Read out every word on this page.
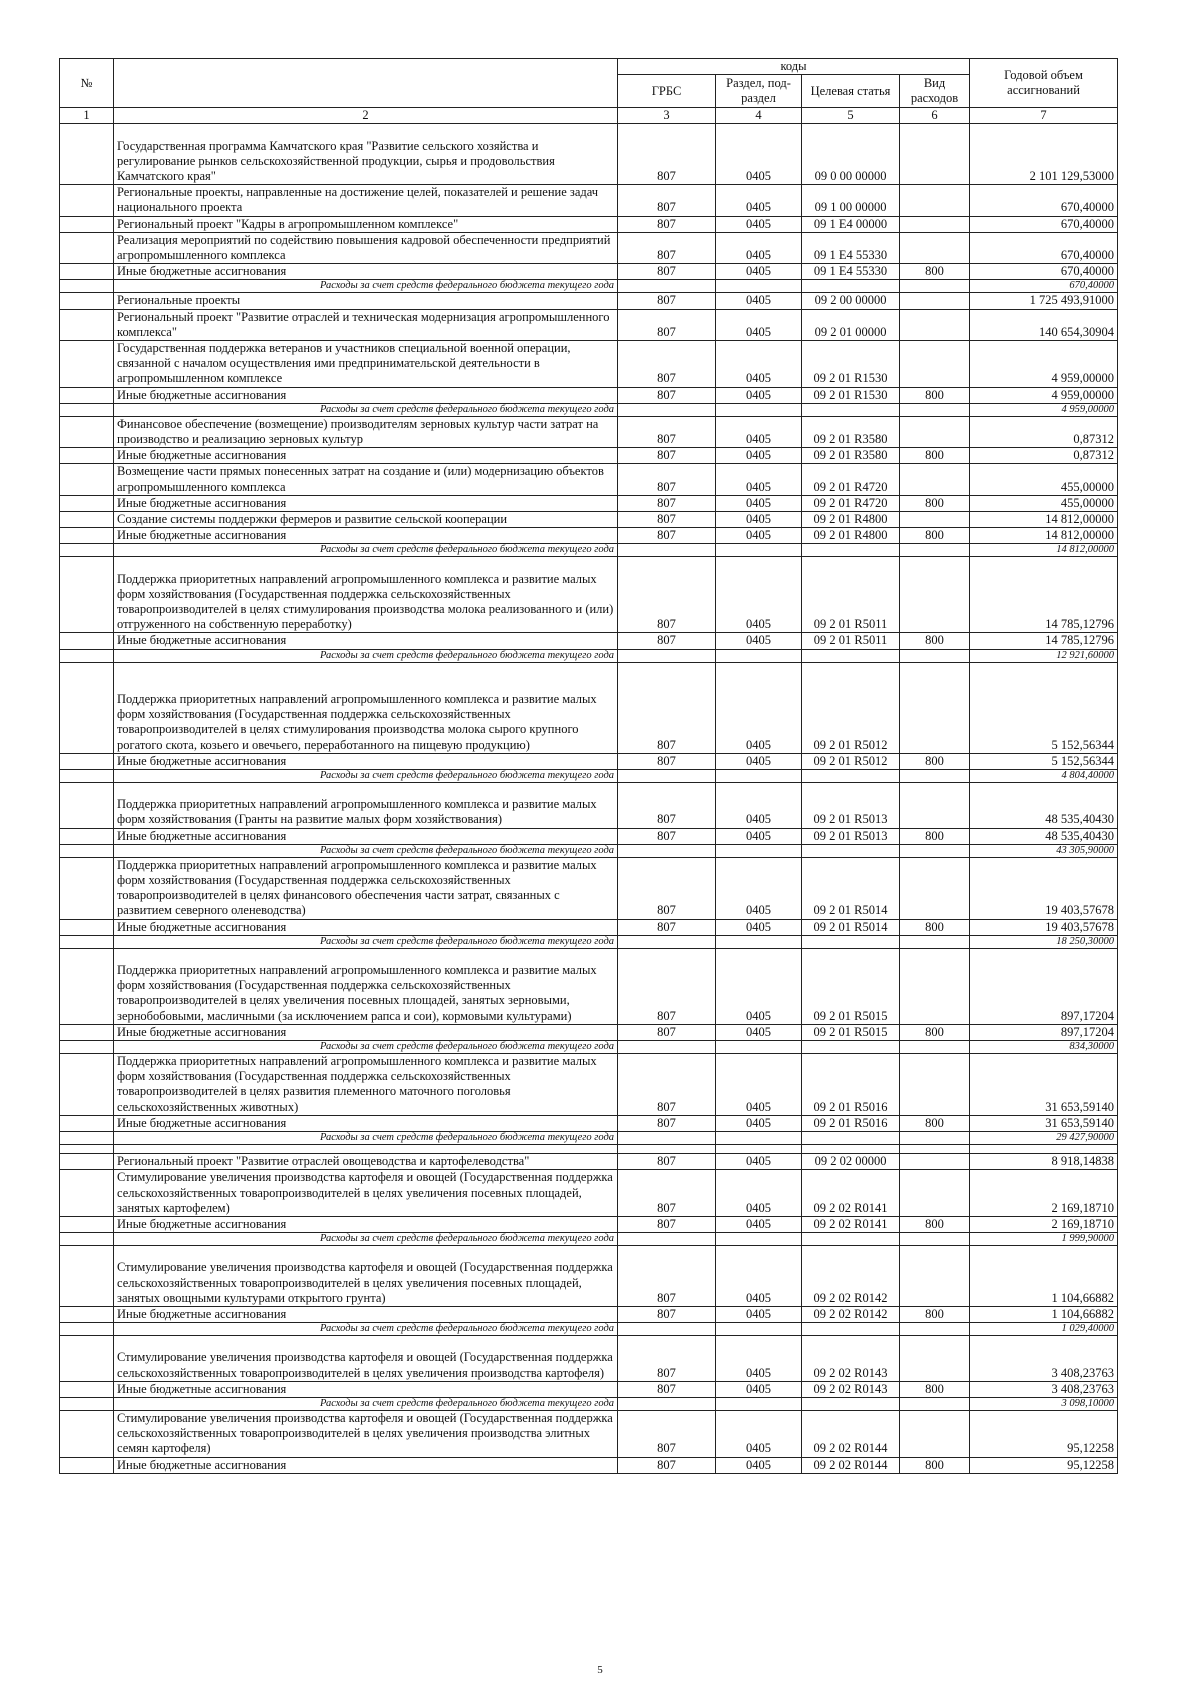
№		коды				Годовой объем ассигнований
		ГРБС	Раздел, под-раздел	Целевая статья	Вид расходов	
1	2	3	4	5	6	7
	Государственная программа Камчатского края "Развитие сельского хозяйства и регулирование рынков сельскохозяйственной продукции, сырья и продовольствия Камчатского края"	807	0405	09 0 00 00000		2 101 129,53000
	Региональные проекты, направленные на достижение целей, показателей и решение задач национального проекта	807	0405	09 1 00 00000		670,40000
	Региональный проект "Кадры в агропромышленном комплексе"	807	0405	09 1 E4 00000		670,40000
	Реализация мероприятий по содействию повышения кадровой обеспеченности предприятий агропромышленного комплекса	807	0405	09 1 E4 55330		670,40000
	Иные бюджетные ассигнования	807	0405	09 1 E4 55330	800	670,40000
	Расходы за счет средств федерального бюджета текущего года					670,40000
	Региональные проекты	807	0405	09 2 00 00000		1 725 493,91000
	Региональный проект "Развитие отраслей и техническая модернизация агропромышленного комплекса"	807	0405	09 2 01 00000		140 654,30904
	Государственная поддержка ветеранов и участников специальной военной операции, связанной с началом осуществления ими предпринимательской деятельности в агропромышленном комплексе	807	0405	09 2 01 R1530		4 959,00000
	Иные бюджетные ассигнования	807	0405	09 2 01 R1530	800	4 959,00000
	Расходы за счет средств федерального бюджета текущего года					4 959,00000
	Финансовое обеспечение (возмещение) производителям зерновых культур части затрат на производство и реализацию зерновых культур	807	0405	09 2 01 R3580		0,87312
	Иные бюджетные ассигнования	807	0405	09 2 01 R3580	800	0,87312
	Возмещение части прямых понесенных затрат на создание и (или) модернизацию объектов агропромышленного комплекса	807	0405	09 2 01 R4720		455,00000
	Иные бюджетные ассигнования	807	0405	09 2 01 R4720	800	455,00000
	Создание системы поддержки фермеров и развитие сельской кооперации	807	0405	09 2 01 R4800		14 812,00000
	Иные бюджетные ассигнования	807	0405	09 2 01 R4800	800	14 812,00000
	Расходы за счет средств федерального бюджета текущего года					14 812,00000
	Поддержка приоритетных направлений агропромышленного комплекса и развитие малых форм хозяйствования (Государственная поддержка сельскохозяйственных товаропроизводителей в целях стимулирования производства молока реализованного и (или) отгруженного на собственную переработку)	807	0405	09 2 01 R5011		14 785,12796
	Иные бюджетные ассигнования	807	0405	09 2 01 R5011	800	14 785,12796
	Расходы за счет средств федерального бюджета текущего года					12 921,60000
	Поддержка приоритетных направлений агропромышленного комплекса и развитие малых форм хозяйствования (Государственная поддержка сельскохозяйственных товаропроизводителей в целях стимулирования производства молока сырого крупного рогатого скота, козьего и овечьего, переработанного на пищевую продукцию)	807	0405	09 2 01 R5012		5 152,56344
	Иные бюджетные ассигнования	807	0405	09 2 01 R5012	800	5 152,56344
	Расходы за счет средств федерального бюджета текущего года					4 804,40000
	Поддержка приоритетных направлений агропромышленного комплекса и развитие малых форм хозяйствования (Гранты на развитие малых форм хозяйствования)	807	0405	09 2 01 R5013		48 535,40430
	Иные бюджетные ассигнования	807	0405	09 2 01 R5013	800	48 535,40430
	Расходы за счет средств федерального бюджета текущего года					43 305,90000
	Поддержка приоритетных направлений агропромышленного комплекса и развитие малых форм хозяйствования (Государственная поддержка сельскохозяйственных товаропроизводителей в целях финансового обеспечения части затрат, связанных с развитием северного оленеводства)	807	0405	09 2 01 R5014		19 403,57678
	Иные бюджетные ассигнования	807	0405	09 2 01 R5014	800	19 403,57678
	Расходы за счет средств федерального бюджета текущего года					18 250,30000
	Поддержка приоритетных направлений агропромышленного комплекса и развитие малых форм хозяйствования (Государственная поддержка сельскохозяйственных товаропроизводителей в целях увеличения посевных площадей, занятых зерновыми, зернобобовыми, масличными (за исключением рапса и сои), кормовыми культурами)	807	0405	09 2 01 R5015		897,17204
	Иные бюджетные ассигнования	807	0405	09 2 01 R5015	800	897,17204
	Расходы за счет средств федерального бюджета текущего года					834,30000
	Поддержка приоритетных направлений агропромышленного комплекса и развитие малых форм хозяйствования (Государственная поддержка сельскохозяйственных товаропроизводителей в целях развития племенного маточного поголовья сельскохозяйственных животных)	807	0405	09 2 01 R5016		31 653,59140
	Иные бюджетные ассигнования	807	0405	09 2 01 R5016	800	31 653,59140
	Расходы за счет средств федерального бюджета текущего года					29 427,90000

	Региональный проект "Развитие отраслей овощеводства и картофелеводства"	807	0405	09 2 02 00000		8 918,14838
	Стимулирование увеличения производства картофеля и овощей (Государственная поддержка сельскохозяйственных товаропроизводителей в целях увеличения посевных площадей, занятых картофелем)	807	0405	09 2 02 R0141		2 169,18710
	Иные бюджетные ассигнования	807	0405	09 2 02 R0141	800	2 169,18710
	Расходы за счет средств федерального бюджета текущего года					1 999,90000
	Стимулирование увеличения производства картофеля и овощей (Государственная поддержка сельскохозяйственных товаропроизводителей в целях увеличения посевных площадей, занятых овощными культурами открытого грунта)	807	0405	09 2 02 R0142		1 104,66882
	Иные бюджетные ассигнования	807	0405	09 2 02 R0142	800	1 104,66882
	Расходы за счет средств федерального бюджета текущего года					1 029,40000
	Стимулирование увеличения производства картофеля и овощей (Государственная поддержка сельскохозяйственных товаропроизводителей в целях увеличения производства картофеля)	807	0405	09 2 02 R0143		3 408,23763
	Иные бюджетные ассигнования	807	0405	09 2 02 R0143	800	3 408,23763
	Расходы за счет средств федерального бюджета текущего года					3 098,10000
	Стимулирование увеличения производства картофеля и овощей (Государственная поддержка сельскохозяйственных товаропроизводителей в целях увеличения производства элитных семян картофеля)	807	0405	09 2 02 R0144		95,12258
	Иные бюджетные ассигнования	807	0405	09 2 02 R0144	800	95,12258
5
